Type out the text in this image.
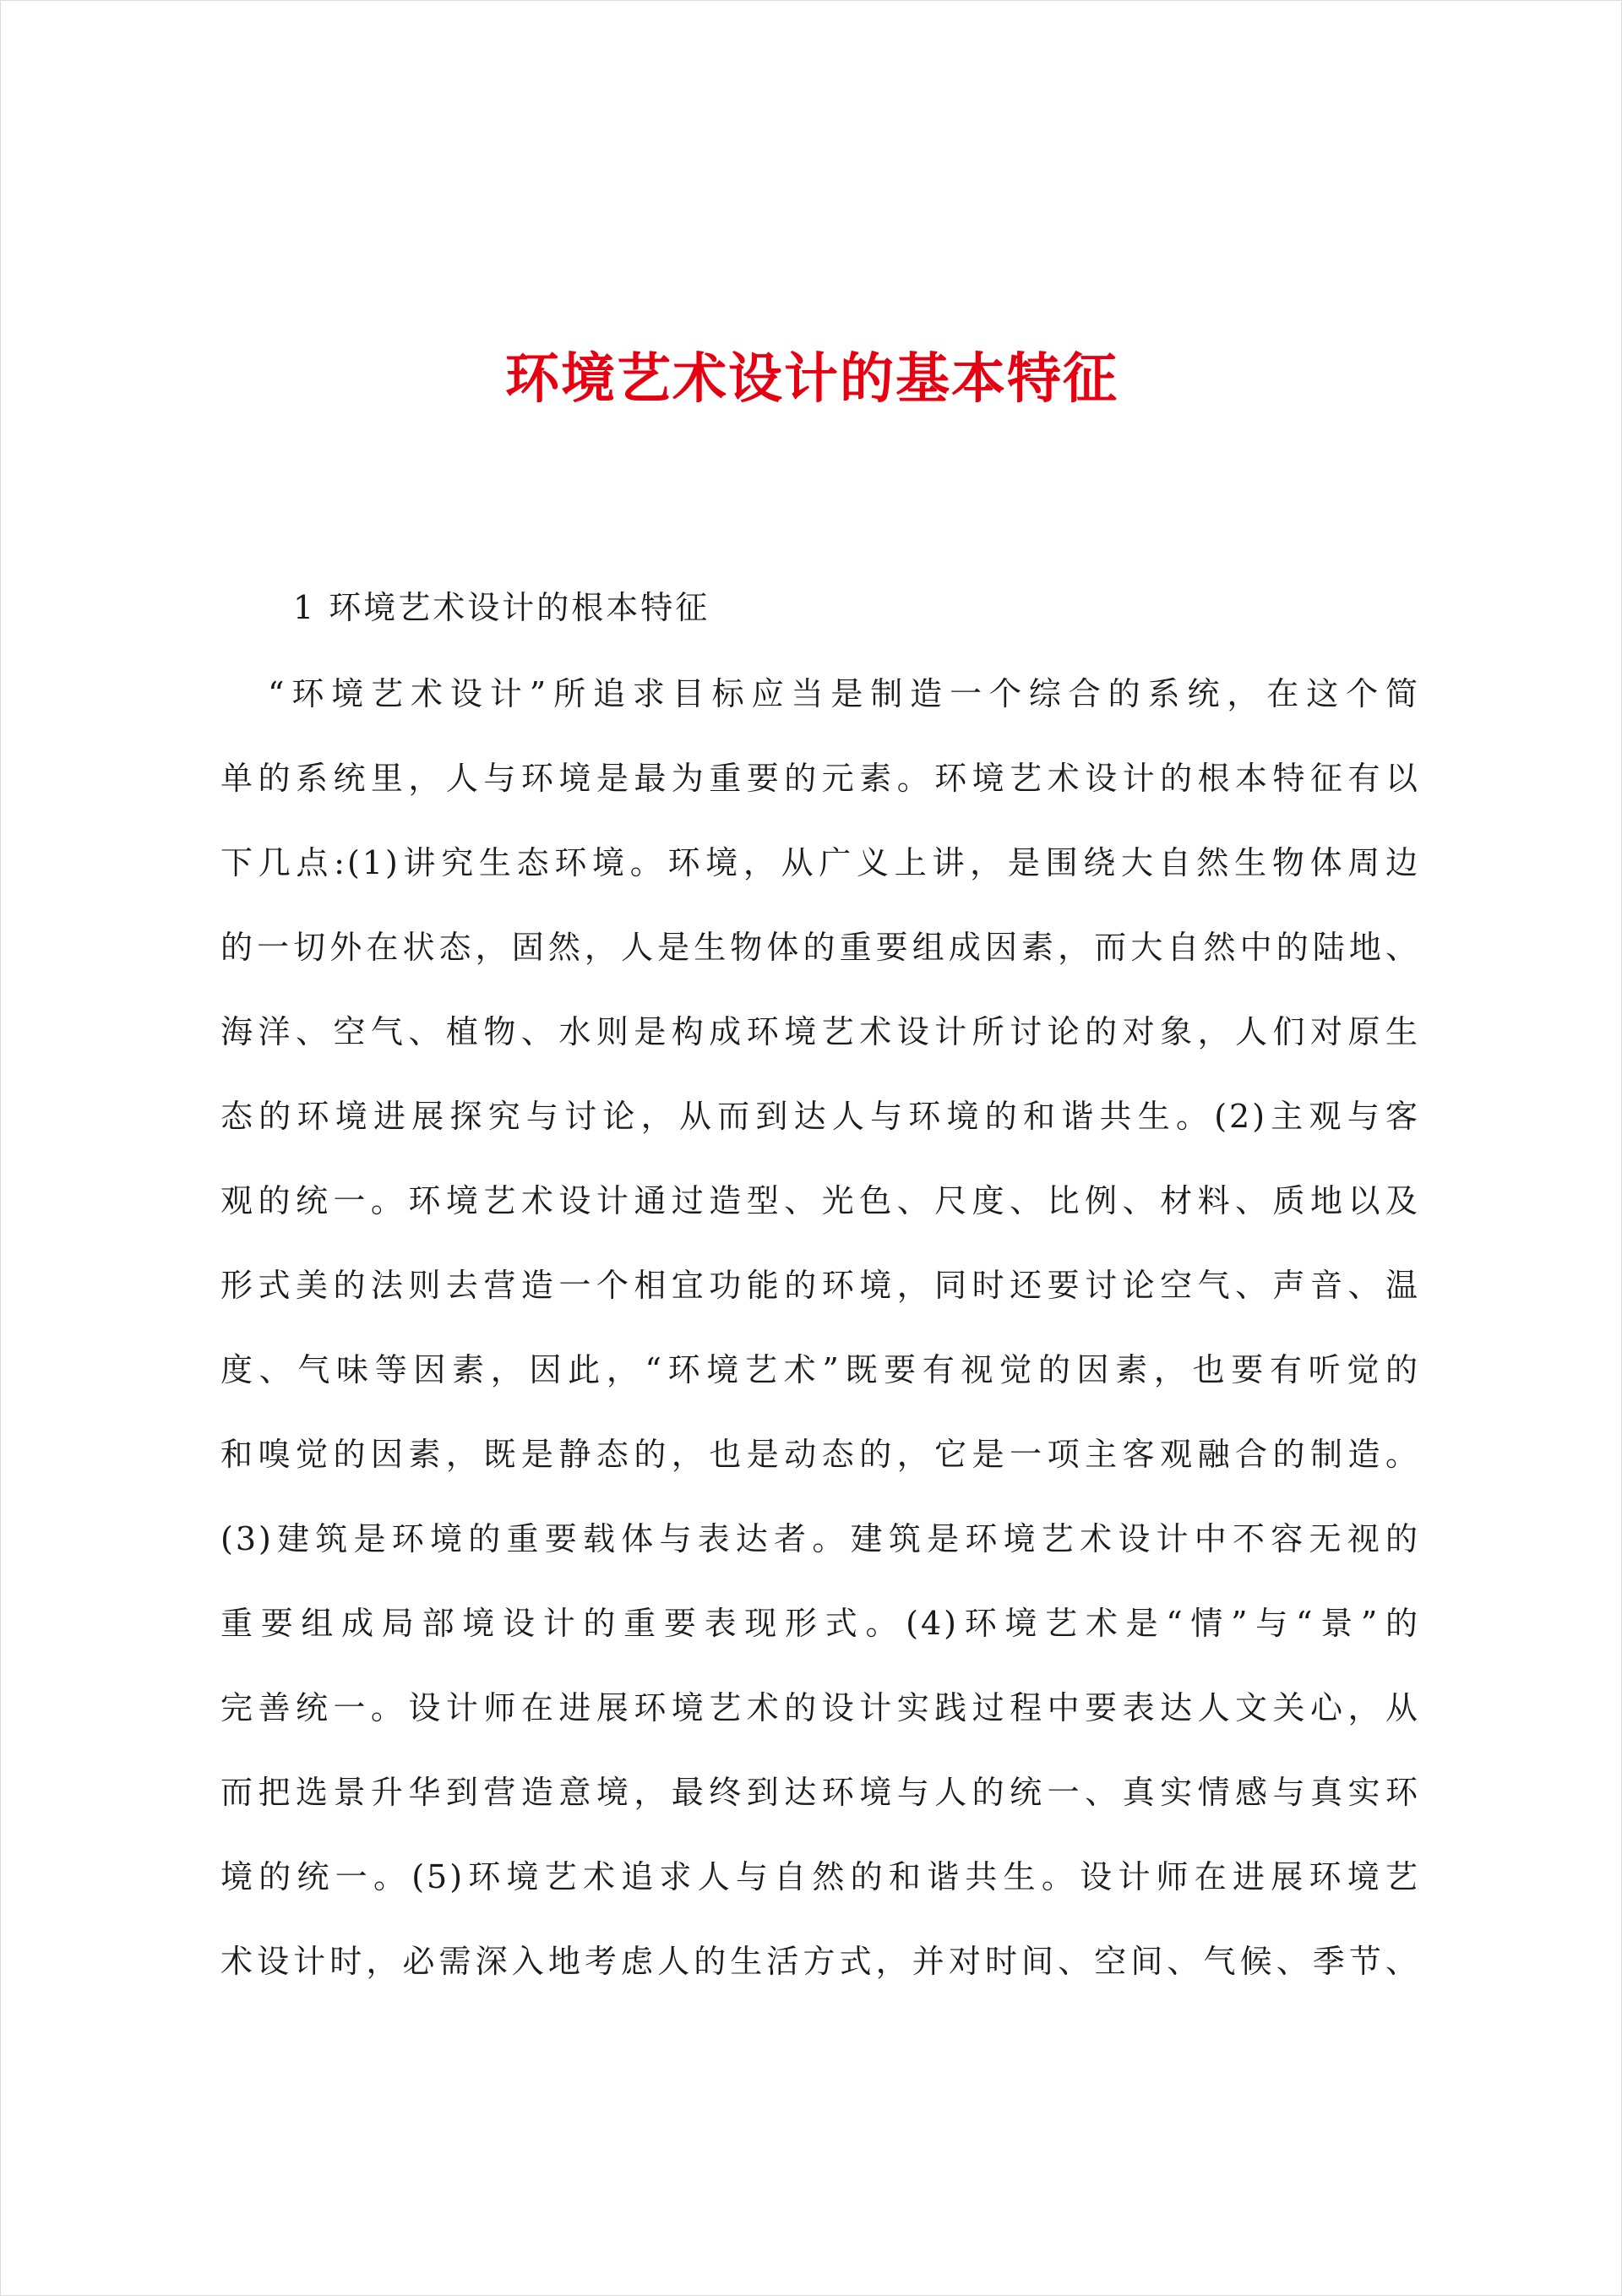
环境艺术设计的基本特征

1 环境艺术设计的根本特征

“环境艺术设计”所追求目标应当是制造一个综合的系统，在这个简
单的系统里，人与环境是最为重要的元素。环境艺术设计的根本特征有以
下几点:(1)讲究生态环境。环境，从广义上讲，是围绕大自然生物体周边
的一切外在状态，固然，人是生物体的重要组成因素，而大自然中的陆地、
海洋、空气、植物、水则是构成环境艺术设计所讨论的对象，人们对原生
态的环境进展探究与讨论，从而到达人与环境的和谐共生。(2)主观与客
观的统一。环境艺术设计通过造型、光色、尺度、比例、材料、质地以及
形式美的法则去营造一个相宜功能的环境，同时还要讨论空气、声音、温
度、气味等因素，因此，“环境艺术”既要有视觉的因素，也要有听觉的
和嗅觉的因素，既是静态的，也是动态的，它是一项主客观融合的制造。
(3)建筑是环境的重要载体与表达者。建筑是环境艺术设计中不容无视的
重要组成局部境设计的重要表现形式。(4)环境艺术是“情”与“景”的
完善统一。设计师在进展环境艺术的设计实践过程中要表达人文关心，从
而把选景升华到营造意境，最终到达环境与人的统一、真实情感与真实环
境的统一。(5)环境艺术追求人与自然的和谐共生。设计师在进展环境艺
术设计时，必需深入地考虑人的生活方式，并对时间、空间、气候、季节、
